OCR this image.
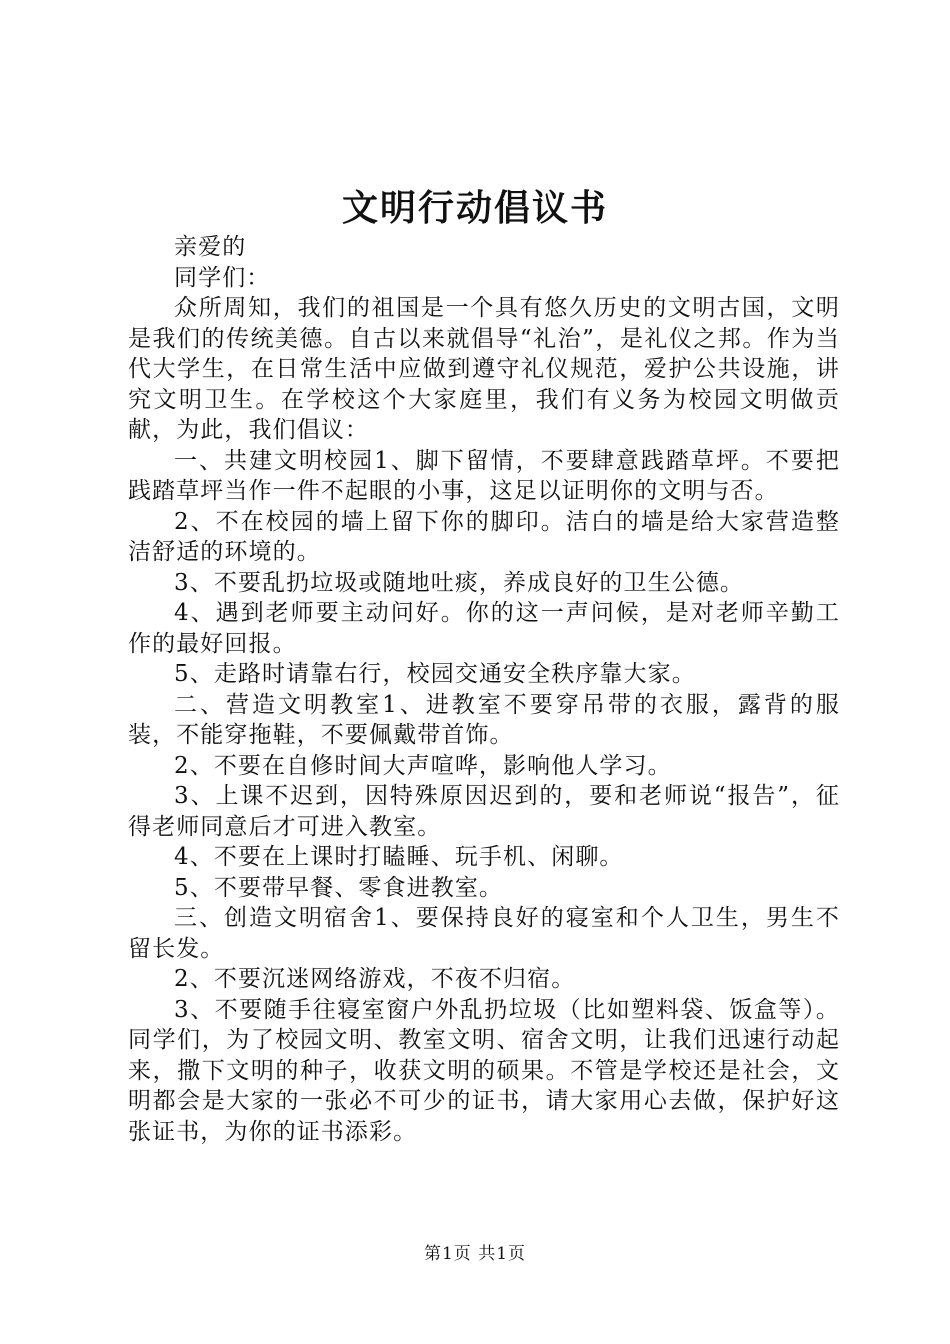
文明行动倡议书

亲爱的

同学们：

众所周知，我们的祖国是一个具有悠久历史的文明古国，文明是我们的传统美德。自古以来就倡导“礼治”，是礼仪之邦。作为当代大学生，在日常生活中应做到遵守礼仪规范，爱护公共设施，讲究文明卫生。在学校这个大家庭里，我们有义务为校园文明做贡献，为此，我们倡议：

一、共建文明校园1、脚下留情，不要肆意践踏草坪。不要把践踏草坪当作一件不起眼的小事，这足以证明你的文明与否。

2、不在校园的墙上留下你的脚印。洁白的墙是给大家营造整洁舒适的环境的。

3、不要乱扔垃圾或随地吐痰，养成良好的卫生公德。

4、遇到老师要主动问好。你的这一声问候，是对老师辛勤工作的最好回报。

5、走路时请靠右行，校园交通安全秩序靠大家。

二、营造文明教室1、进教室不要穿吊带的衣服，露背的服装，不能穿拖鞋，不要佩戴带首饰。

2、不要在自修时间大声喧哗，影响他人学习。

3、上课不迟到，因特殊原因迟到的，要和老师说“报告”，征得老师同意后才可进入教室。

4、不要在上课时打瞌睡、玩手机、闲聊。

5、不要带早餐、零食进教室。

三、创造文明宿舍1、要保持良好的寝室和个人卫生，男生不留长发。

2、不要沉迷网络游戏，不夜不归宿。

3、不要随手往寝室窗户外乱扔垃圾（比如塑料袋、饭盒等）。同学们，为了校园文明、教室文明、宿舍文明，让我们迅速行动起来，撒下文明的种子，收获文明的硕果。不管是学校还是社会，文明都会是大家的一张必不可少的证书，请大家用心去做，保护好这张证书，为你的证书添彩。

第1页 共1页
